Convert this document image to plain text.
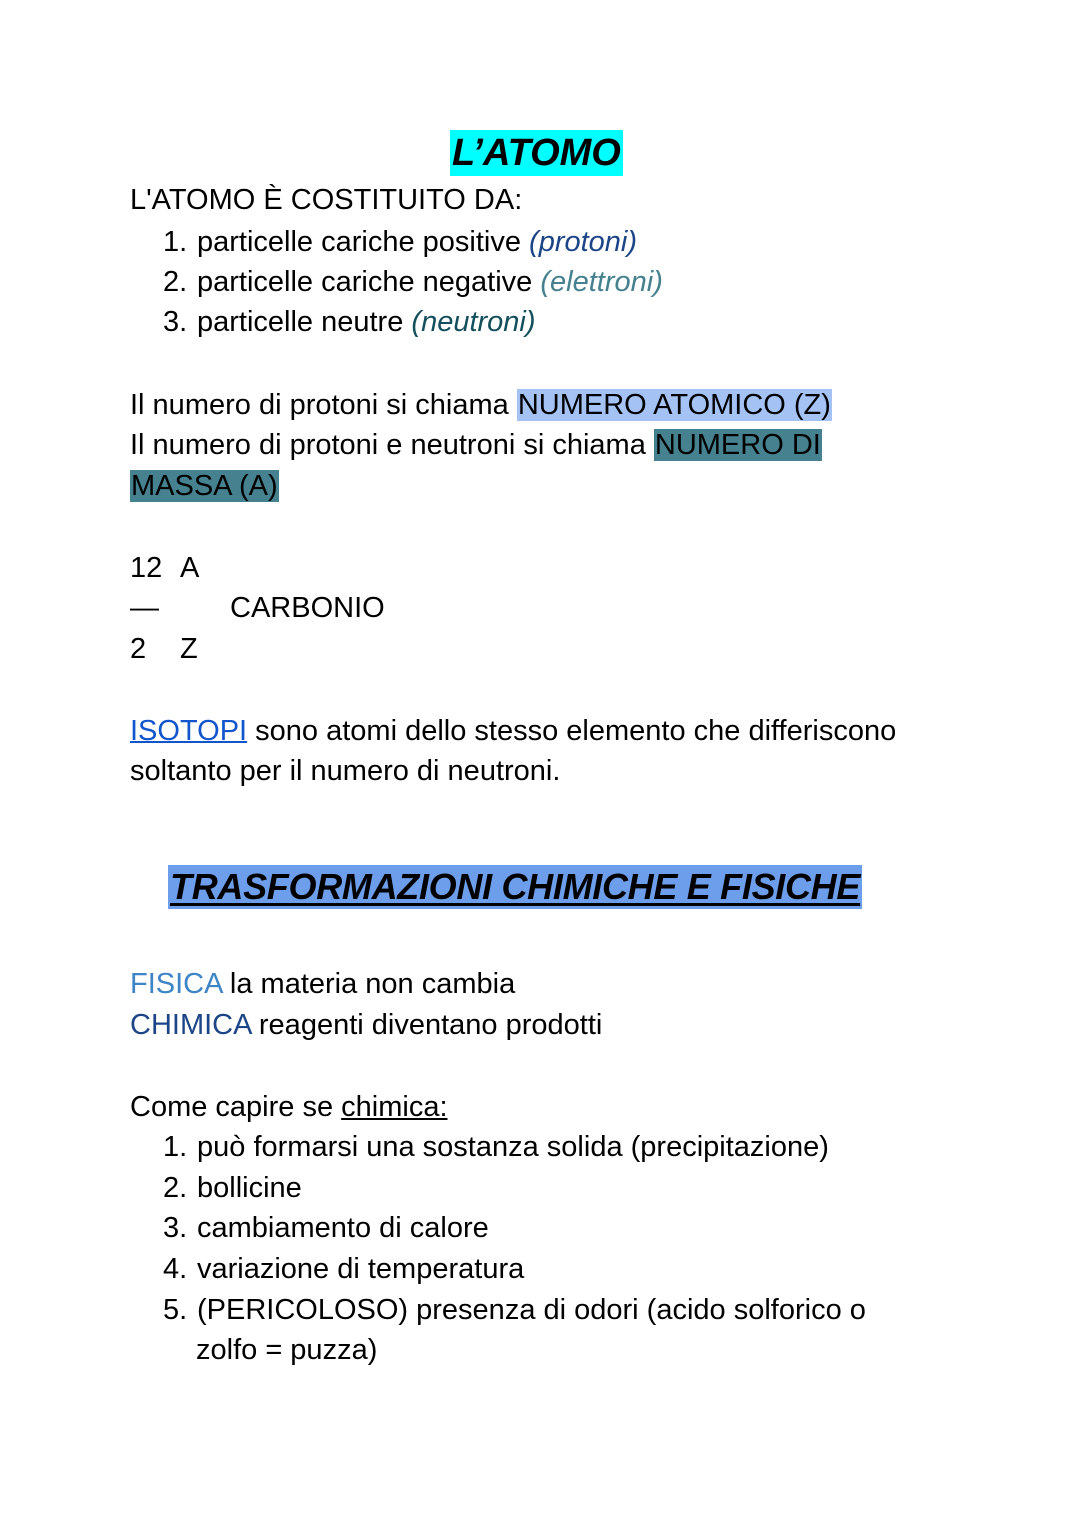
L’ATOMO
L'ATOMO È COSTITUITO DA:
1. particelle cariche positive (protoni)
2. particelle cariche negative (elettroni)
3. particelle neutre (neutroni)
Il numero di protoni si chiama NUMERO ATOMICO (Z)
Il numero di protoni e neutroni si chiama NUMERO DI
MASSA (A)
12 A
— CARBONIO
2 Z
ISOTOPI sono atomi dello stesso elemento che differiscono
soltanto per il numero di neutroni.
TRASFORMAZIONI CHIMICHE E FISICHE
FISICA la materia non cambia
CHIMICA reagenti diventano prodotti
Come capire se chimica:
1. può formarsi una sostanza solida (precipitazione)
2. bollicine
3. cambiamento di calore
4. variazione di temperatura
5. (PERICOLOSO) presenza di odori (acido solforico o
zolfo = puzza)
